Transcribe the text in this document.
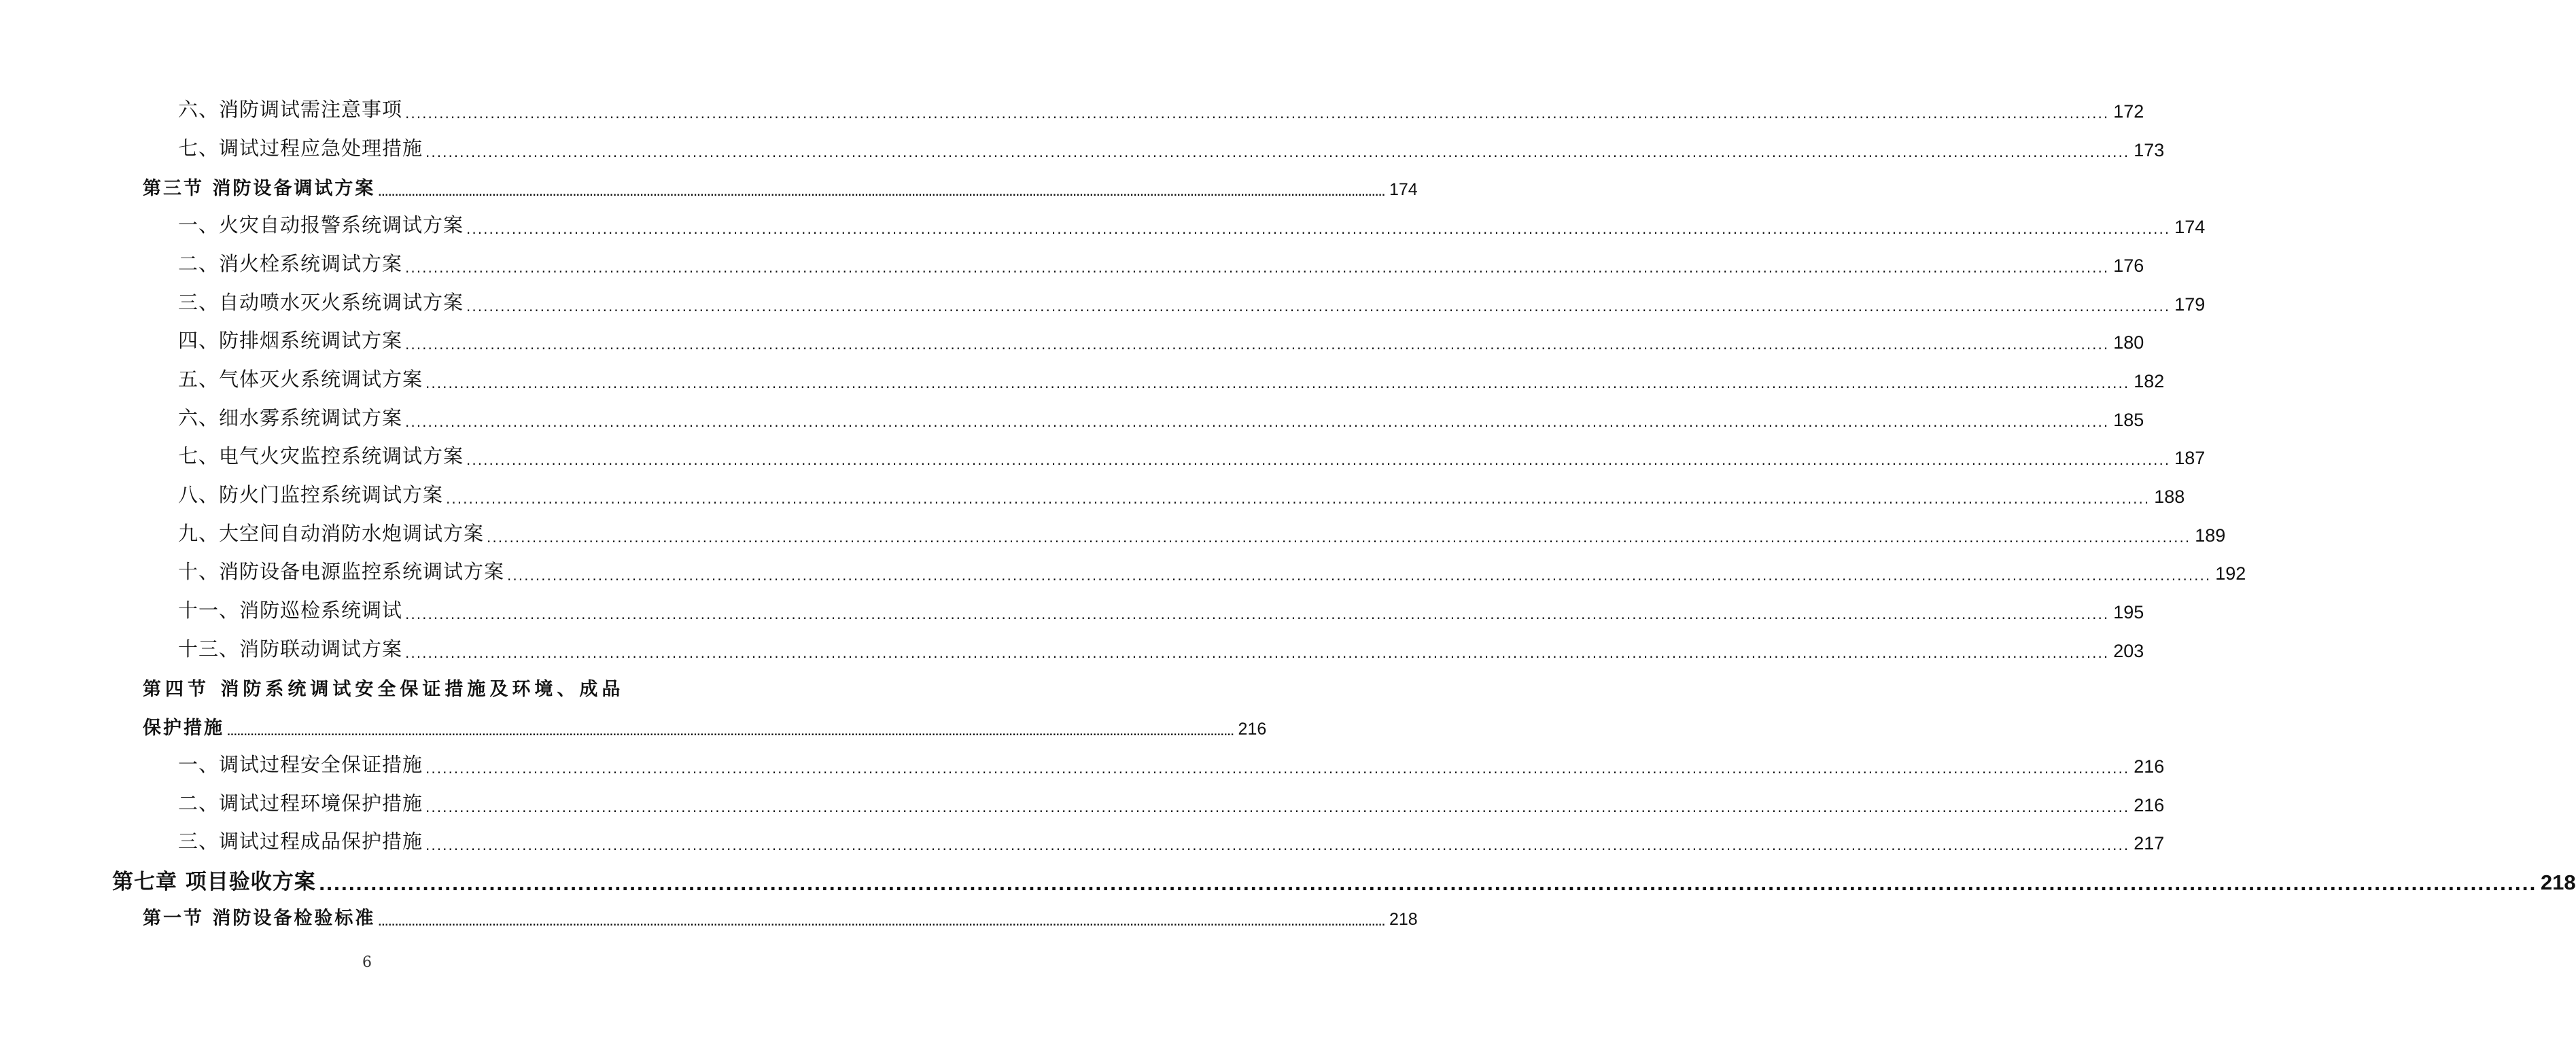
六、消防调试需注意事项 ............................................................................................................................................................................................................................................................................................................ 172
七、调试过程应急处理措施 ............................................................................................................................................................................................................................................................................................................ 173
第三节 消防设备调试方案 ............................................................................................................................................................................................................................................................................................................ 174
一、火灾自动报警系统调试方案 ............................................................................................................................................................................................................................................................................................................ 174
二、消火栓系统调试方案 ............................................................................................................................................................................................................................................................................................................ 176
三、自动喷水灭火系统调试方案 ............................................................................................................................................................................................................................................................................................................ 179
四、防排烟系统调试方案 ............................................................................................................................................................................................................................................................................................................ 180
五、气体灭火系统调试方案 ............................................................................................................................................................................................................................................................................................................ 182
六、细水雾系统调试方案 ............................................................................................................................................................................................................................................................................................................ 185
七、电气火灾监控系统调试方案 ............................................................................................................................................................................................................................................................................................................ 187
八、防火门监控系统调试方案 ............................................................................................................................................................................................................................................................................................................ 188
九、大空间自动消防水炮调试方案 ............................................................................................................................................................................................................................................................................................................ 189
十、消防设备电源监控系统调试方案 ............................................................................................................................................................................................................................................................................................................ 192
十一、消防巡检系统调试 ............................................................................................................................................................................................................................................................................................................ 195
十三、消防联动调试方案 ............................................................................................................................................................................................................................................................................................................ 203
第四节 消防系统调试安全保证措施及环境、成品
保护措施 ............................................................................................................................................................................................................................................................................................................ 216
一、调试过程安全保证措施 ............................................................................................................................................................................................................................................................................................................ 216
二、调试过程环境保护措施 ............................................................................................................................................................................................................................................................................................................ 216
三、调试过程成品保护措施 ............................................................................................................................................................................................................................................................................................................ 217
第七章 项目验收方案 ............................................................................................................................................................................................................................................................................................................ 218
第一节 消防设备检验标准 ............................................................................................................................................................................................................................................................................................................ 218
6
